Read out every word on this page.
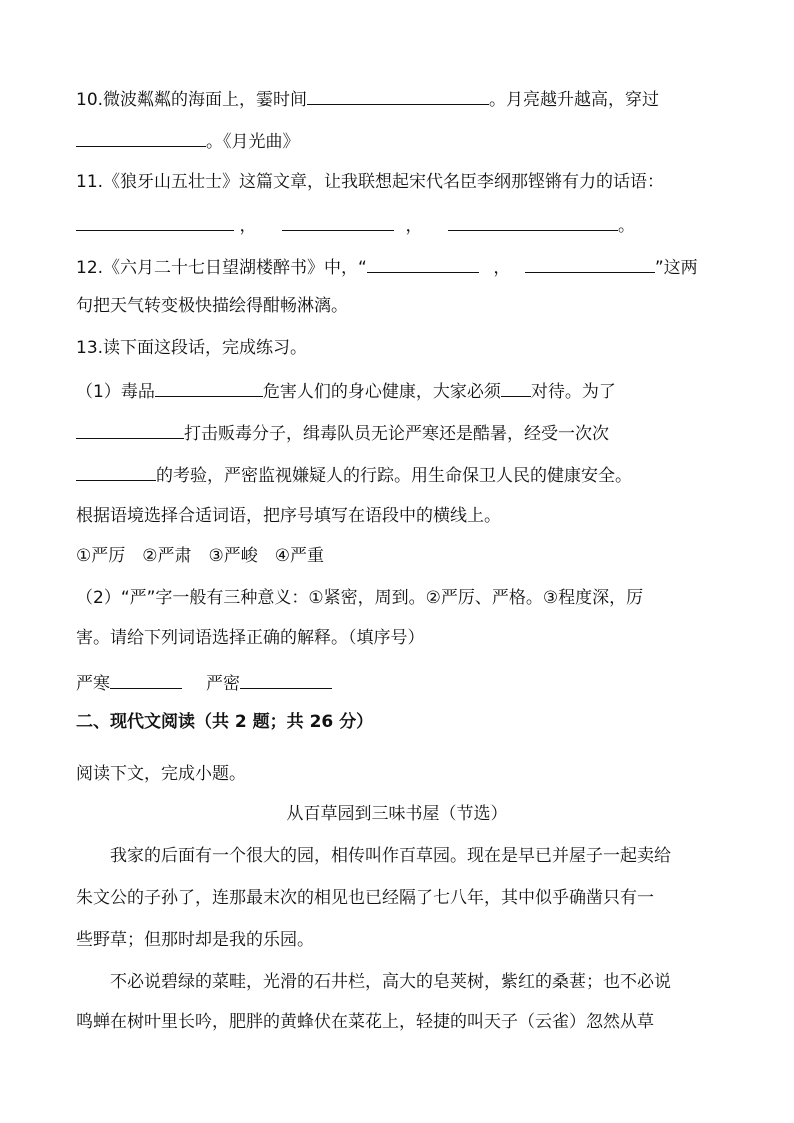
10.微波粼粼的海面上，霎时间	。月亮越升越高，穿过
。《月光曲》
11.《狼牙山五壮士》这篇文章，让我联想起宋代名臣李纲那铿锵有力的话语：
，	，	。
12.《六月二十七日望湖楼醉书》中，“	，	”这两
句把天气转变极快描绘得酣畅淋漓。
13.读下面这段话，完成练习。
（1）毒品	危害人们的身心健康，大家必须 对待。为了
打击贩毒分子，缉毒队员无论严寒还是酷暑，经受一次次
的考验，严密监视嫌疑人的行踪。用生命保卫人民的健康安全。
根据语境选择合适词语，把序号填写在语段中的横线上。
①严厉　②严肃　③严峻　④严重
（2）“严”字一般有三种意义：①紧密，周到。②严厉、严格。③程度深，厉
害。请给下列词语选择正确的解释。（填序号）
严寒	严密
二、现代文阅读（共 2 题；共 26 分）
阅读下文，完成小题。
从百草园到三味书屋（节选）
我家的后面有一个很大的园，相传叫作百草园。现在是早已并屋子一起卖给
朱文公的子孙了，连那最末次的相见也已经隔了七八年，其中似乎确凿只有一
些野草；但那时却是我的乐园。
不必说碧绿的菜畦，光滑的石井栏，高大的皂荚树，紫红的桑葚；也不必说
鸣蝉在树叶里长吟，肥胖的黄蜂伏在菜花上，轻捷的叫天子（云雀）忽然从草
